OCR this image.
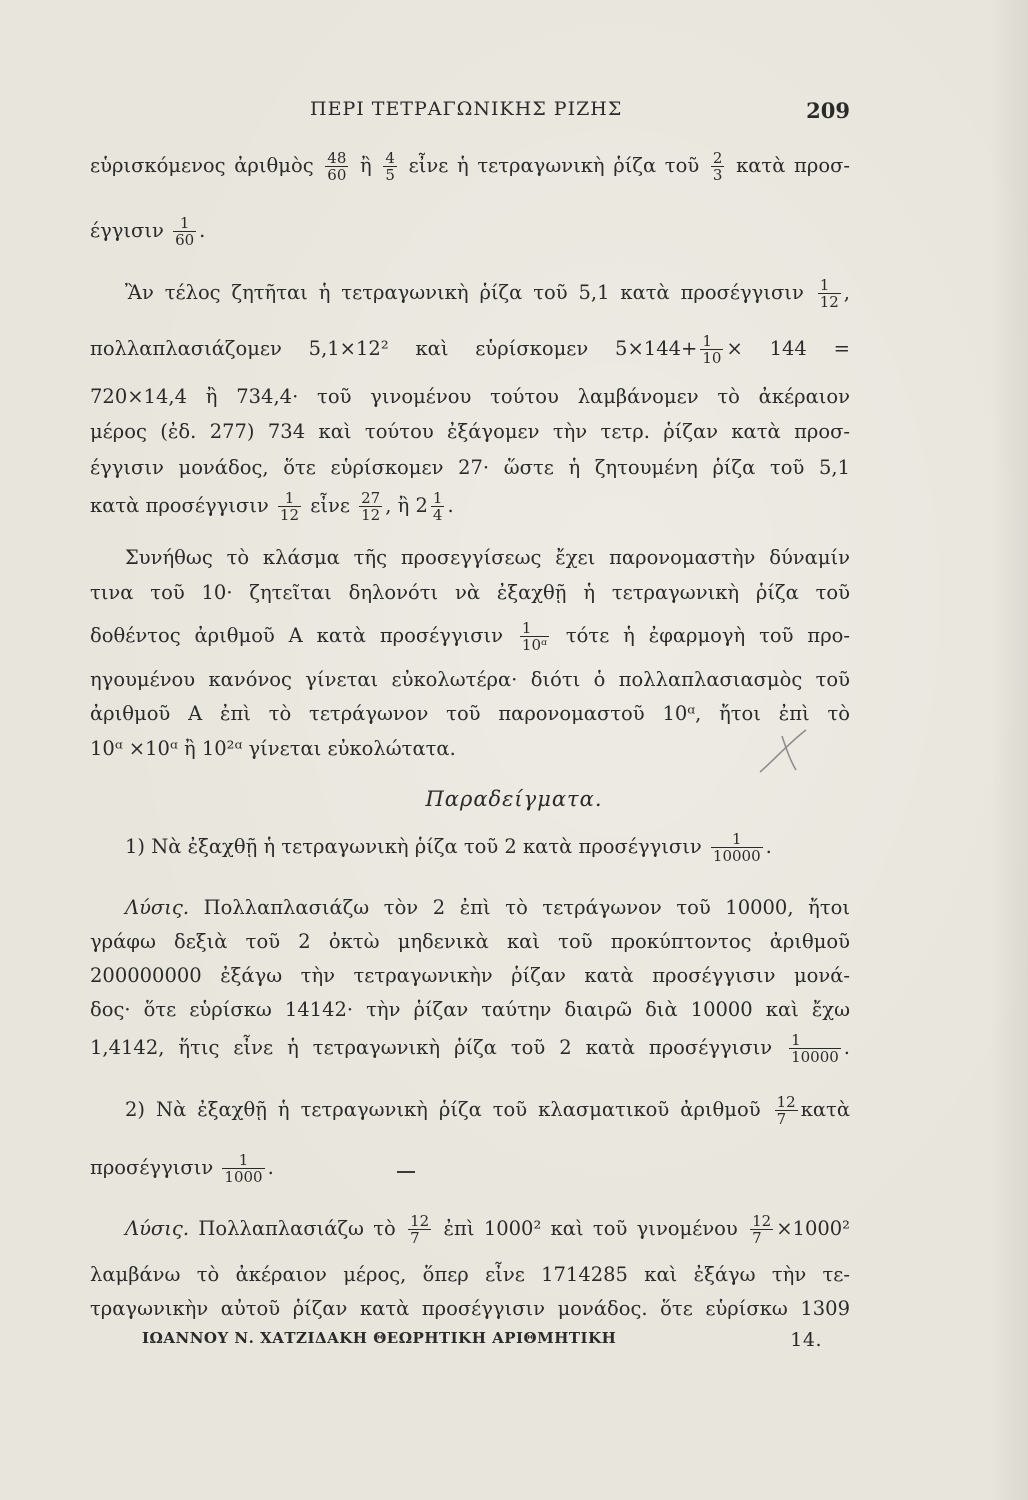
ΠΕΡΙ ΤΕΤΡΑΓΩΝΙΚΗΣ ΡΙΖΗΣ	209
εὑρισκόμενος ἀριθμὸς $\frac{48}{60}$ ἢ $\frac{4}{5}$ εἶνε ἡ τετραγωνικὴ ῥίζα τοῦ $\frac{2}{3}$ κατὰ προσ-
έγγισιν $\frac{1}{60}$ .
Ἂν τέλος ζητῆται ἡ τετραγωνικὴ ῥίζα τοῦ 5,1 κατὰ προσέγγισιν $\frac{1}{12}$ ,
πολλαπλασιάζομεν 5,1×12² καὶ εὑρίσκομεν $5\times 144+ \frac{1}{10} \times 144$ =
720×14,4 ἢ 734,4· τοῦ γινομένου τούτου λαμβάνομεν τὸ ἀκέραιον
μέρος (ἐδ. 277) 734 καὶ τούτου ἐξάγομεν τὴν τετρ. ῥίζαν κατὰ προσ-
έγγισιν μονάδος, ὅτε εὑρίσκομεν 27· ὥστε ἡ ζητουμένη ῥίζα τοῦ 5,1
κατὰ προσέγγισιν $\frac{1}{12}$ εἶνε $\frac{27}{12}$ , ἢ $2 \frac{1}{4}$ .
Συνήθως τὸ κλάσμα τῆς προσεγγίσεως ἔχει παρονομαστὴν δύναμίν
τινα τοῦ 10· ζητεῖται δηλονότι νὰ ἐξαχθῇ ἡ τετραγωνικὴ ῥίζα τοῦ
δοθέντος ἀριθμοῦ A κατὰ προσέγγισιν $\frac{1}{\text{10ᵅ}}$ τότε ἡ ἐφαρμογὴ τοῦ προ-
ηγουμένου κανόνος γίνεται εὐκολωτέρα· διότι ὁ πολλαπλασιασμὸς τοῦ
ἀριθμοῦ A ἐπὶ τὸ τετράγωνον τοῦ παρονομαστοῦ 10ᵅ, ἤτοι ἐπὶ τὸ
10ᵅ ×10ᵅ ἢ 10²ᵅ γίνεται εὐκολώτατα.
Παραδείγματα.
1) Νὰ ἐξαχθῇ ἡ τετραγωνικὴ ῥίζα τοῦ 2 κατὰ προσέγγισιν $\frac{1}{10000}$ .
Λύσις. Πολλαπλασιάζω τὸν 2 ἐπὶ τὸ τετράγωνον τοῦ 10000, ἤτοι
γράφω δεξιὰ τοῦ 2 ὀκτὼ μηδενικὰ καὶ τοῦ προκύπτοντος ἀριθμοῦ
200000000 ἐξάγω τὴν τετραγωνικὴν ῥίζαν κατὰ προσέγγισιν μονά-
δος· ὅτε εὑρίσκω 14142· τὴν ῥίζαν ταύτην διαιρῶ διὰ 10000 καὶ ἔχω
1,4142, ἥτις εἶνε ἡ τετραγωνικὴ ῥίζα τοῦ 2 κατὰ προσέγγισιν $\frac{1}{10000}$ .
2) Νὰ ἐξαχθῇ ἡ τετραγωνικὴ ῥίζα τοῦ κλασματικοῦ ἀριθμοῦ $\frac{12}{7}$ κατὰ
προσέγγισιν $\frac{1}{1000}$ .
Λύσις. Πολλαπλασιάζω τὸ $\frac{12}{7}$ ἐπὶ 1000² καὶ τοῦ γινομένου $\frac{12}{7} \times 1000^2$
λαμβάνω τὸ ἀκέραιον μέρος, ὅπερ εἶνε 1714285 καὶ ἐξάγω τὴν τε-
τραγωνικὴν αὐτοῦ ῥίζαν κατὰ προσέγγισιν μονάδος. ὅτε εὑρίσκω 1309
ΙΩΑΝΝΟΥ Ν. ΧΑΤΖΙΔΑΚΗ ΘΕΩΡΗΤΙΚΗ ΑΡΙΘΜΗΤΙΚΗ	14.
